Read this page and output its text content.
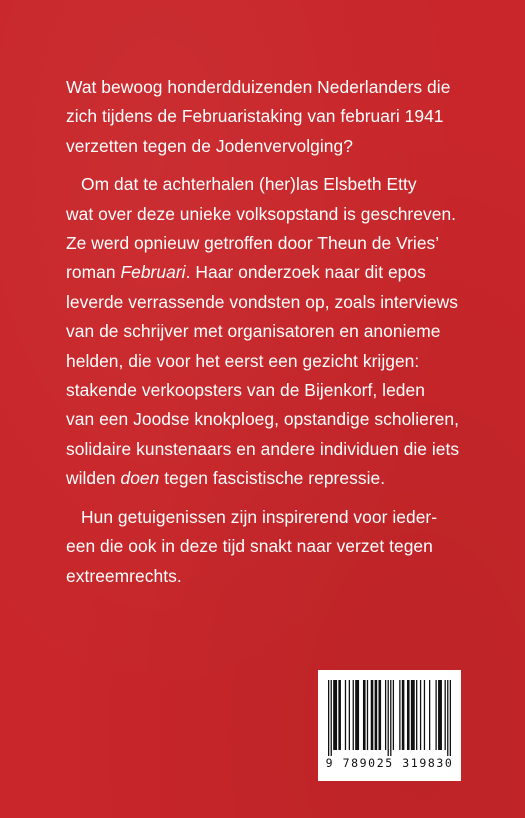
Wat bewoog honderdduizenden Nederlanders die
zich tijdens de Februaristaking van februari 1941
verzetten tegen de Jodenvervolging?

Om dat te achterhalen (her)las Elsbeth Etty
wat over deze unieke volksopstand is geschreven.
Ze werd opnieuw getroffen door Theun de Vries’
roman Februari. Haar onderzoek naar dit epos
leverde verrassende vondsten op, zoals interviews
van de schrijver met organisatoren en anonieme
helden, die voor het eerst een gezicht krijgen:
stakende verkoopsters van de Bijenkorf, leden
van een Joodse knokploeg, opstandige scholieren,
solidaire kunstenaars en andere individuen die iets
wilden doen tegen fascistische repressie.

Hun getuigenissen zijn inspirerend voor ieder-
een die ook in deze tijd snakt naar verzet tegen
extreemrechts.

9 789025 319830
